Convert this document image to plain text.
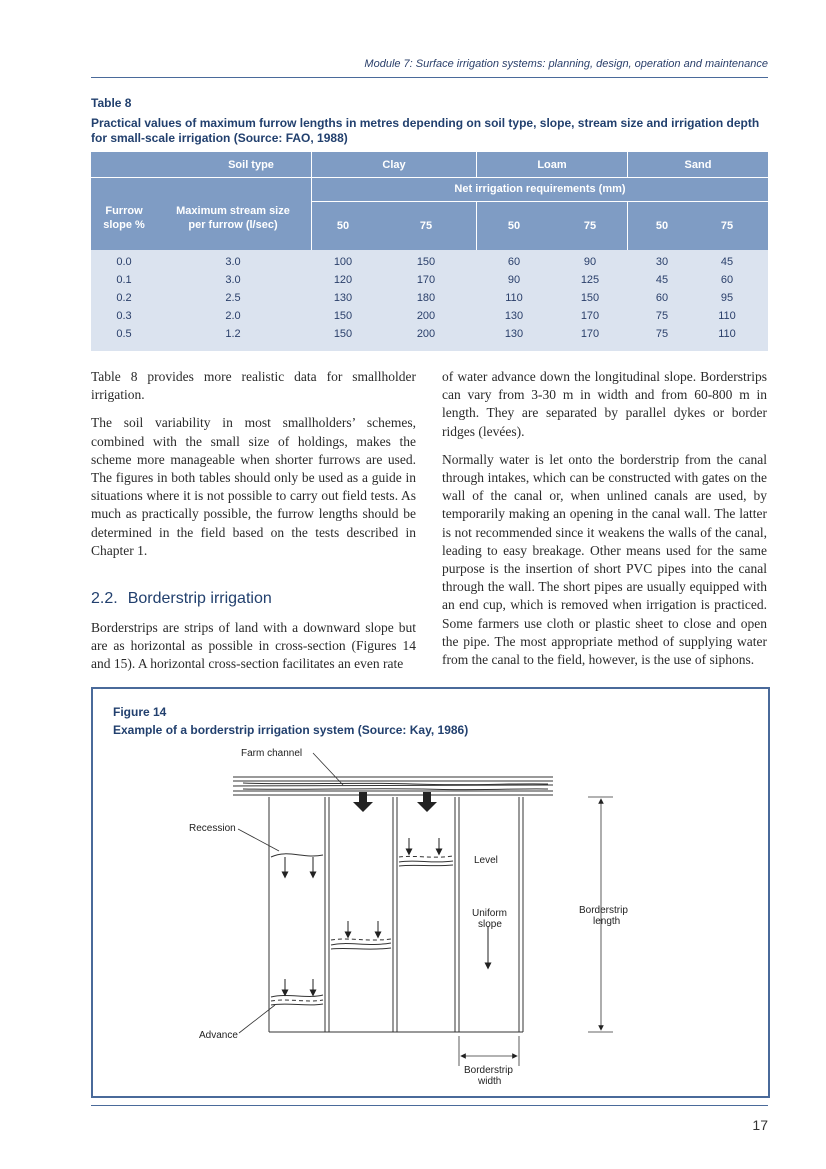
Module 7: Surface irrigation systems: planning, design, operation and maintenance
Table 8
Practical values of maximum furrow lengths in metres depending on soil type, slope, stream size and irrigation depth for small-scale irrigation (Source: FAO, 1988)
Soil type	Clay	Loam	Sand
Net irrigation requirements (mm)
Furrow slope %
Maximum stream size per furrow (l/sec)	50	75	50	75	50	75
0.0	3.0	100	150	60	90	30	45
0.1	3.0	120	170	90	125	45	60
0.2	2.5	130	180	110	150	60	95
0.3	2.0	150	200	130	170	75	110
0.5	1.2	150	200	130	170	75	110

Table 8 provides more realistic data for smallholder irrigation.

The soil variability in most smallholders’ schemes, combined with the small size of holdings, makes the scheme more manageable when shorter furrows are used. The figures in both tables should only be used as a guide in situations where it is not possible to carry out field tests. As much as practically possible, the furrow lengths should be determined in the field based on the tests described in Chapter 1.

2.2. Borderstrip irrigation

Borderstrips are strips of land with a downward slope but are as horizontal as possible in cross-section (Figures 14 and 15). A horizontal cross-section facilitates an even rate

of water advance down the longitudinal slope. Borderstrips can vary from 3-30 m in width and from 60-800 m in length. They are separated by parallel dykes or border ridges (levées).

Normally water is let onto the borderstrip from the canal through intakes, which can be constructed with gates on the wall of the canal or, when unlined canals are used, by temporarily making an opening in the canal wall. The latter is not recommended since it weakens the walls of the canal, leading to easy breakage. Other means used for the same purpose is the insertion of short PVC pipes into the canal through the wall. The short pipes are usually equipped with an end cup, which is removed when irrigation is practiced. Some farmers use cloth or plastic sheet to close and open the pipe. The most appropriate method of supplying water from the canal to the field, however, is the use of siphons.

Figure 14
Example of a borderstrip irrigation system (Source: Kay, 1986)
Farm channel
Recession
Advance
Level
Uniform
slope
Borderstrip
length
Borderstrip
width
17
